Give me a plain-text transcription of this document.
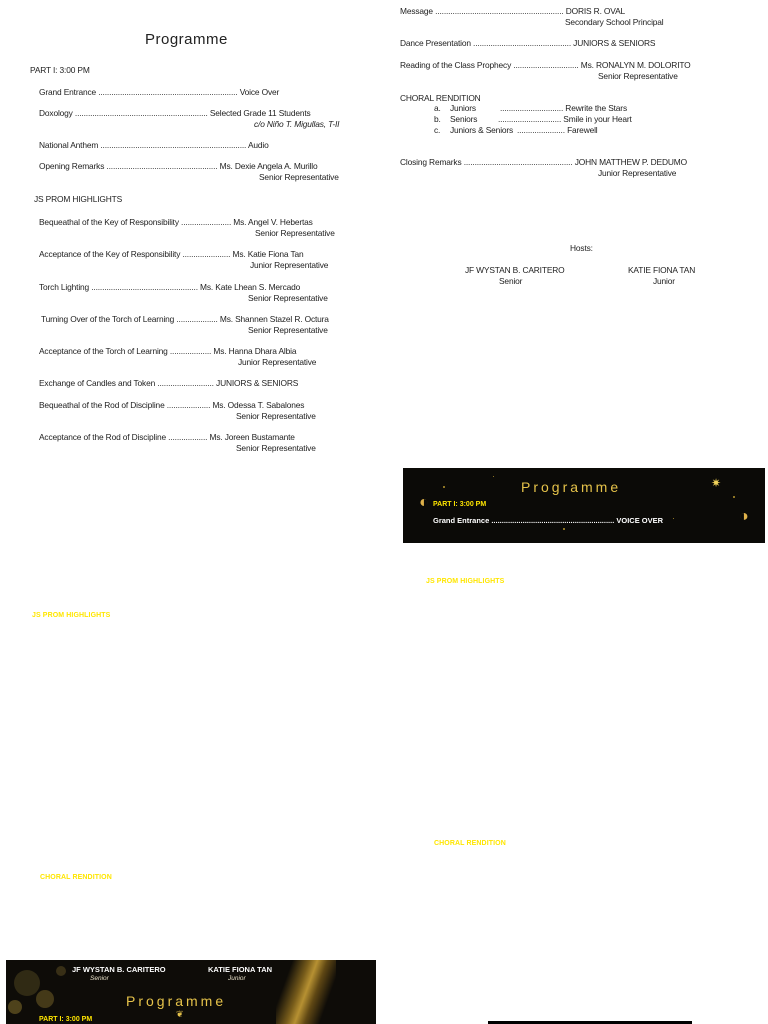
Programme
PART I: 3:00 PM
Grand Entrance ................................................................ Voice Over
Doxology ............................................................. Selected Grade 11 Students
c/o Niño T. Migullas, T-II
National Anthem ................................................................... Audio
Opening Remarks ................................................... Ms. Dexie Angela A. Murillo
Senior Representative
JS PROM HIGHLIGHTS
Bequeathal of the Key of Responsibility ....................... Ms. Angel V. Hebertas
Senior Representative
Acceptance of the Key of Responsibility ...................... Ms. Katie Fiona Tan
Junior Representative
Torch Lighting ................................................. Ms. Kate Lhean S. Mercado
Senior Representative
Turning Over of the Torch of Learning ................... Ms. Shannen Stazel R. Octura
Senior Representative
Acceptance of the Torch of Learning ................... Ms. Hanna Dhara Albia
Junior Representative
Exchange of Candles and Token .......................... JUNIORS & SENIORS
Bequeathal of the Rod of Discipline .................... Ms. Odessa T. Sabalones
Senior Representative
Acceptance of the Rod of Discipline .................. Ms. Joreen Bustamante
Senior Representative
Message ........................................................... DORIS R. OVAL
Secondary School Principal
Dance Presentation ............................................. JUNIORS & SENIORS
Reading of the Class Prophecy .............................. Ms. RONALYN M. DOLORITO
Senior Representative
CHORAL RENDITION
a. Juniors	............................. Rewrite the Stars
b. Seniors ............................. Smile in your Heart
c. Juniors & Seniors ...................... Farewell
Closing Remarks .................................................. JOHN MATTHEW P. DEDUMO
Junior Representative
Hosts:
JF WYSTAN B. CARITERO
Senior
KATIE FIONA TAN
Junior
◐
◑
✷
Programme
PART I: 3:00 PM
Grand Entrance ........................................................... VOICE OVER
JS PROM HIGHLIGHTS
JS PROM HIGHLIGHTS
CHORAL RENDITION
CHORAL RENDITION
JF WYSTAN B. CARITERO
Senior
KATIE FIONA TAN
Junior
Programme
❦
PART I: 3:00 PM
